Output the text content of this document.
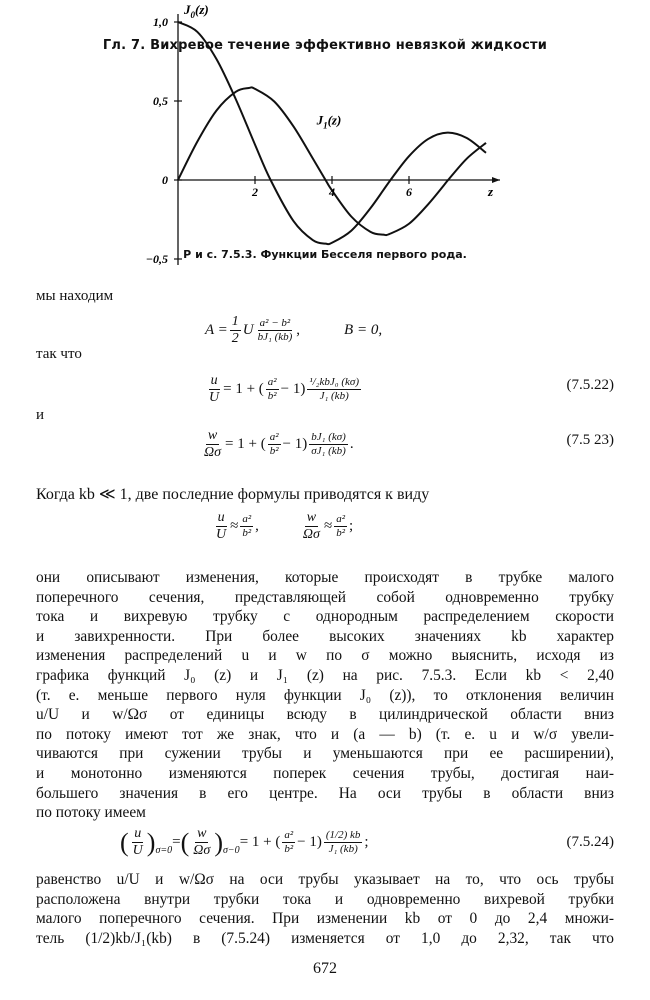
Гл. 7. Вихревое течение эффективно невязкой жидкости
1,0
0,5
0
−0,5
2	4	6
$J_0(z)$
$J_1(z)$
z
Р и с. 7.5.3. Функции Бесселя первого рода.
мы находим
$A = \frac{1}{2}$ U $\frac{\text{a² − b²}}{\text{bJ₁ (kb)}}$ ,	B = 0,
так что
$\frac{u}{U} = 1$ + ( $\frac{\text{a²}}{\text{b²}} - 1) \frac{\text{¹/₂kbJ₀ (kσ)}}{\text{J₁ (kb)}}$	(7.5.22)
и
$\frac{w}{\Omega\sigma} = 1$ + ( $\frac{\text{a²}}{\text{b²}} - 1) \frac{\text{bJ₁ (kσ)}}{\text{σJ₁ (kb)}}$ .	(7.5 23)
Когда kb ≪ 1, две последние формулы приводятся к виду
$\frac{u}{U} \approx \frac{\text{a²}}{\text{b²}}$ ,	$\frac{w}{\Omega\sigma} \approx \frac{\text{a²}}{\text{b²}}$ ;
они описывают изменения, которые происходят в трубке малого
поперечного сечения, представляющей собой одновременно трубку
тока и вихревую трубку с однородным распределением скорости
и завихренности. При более высоких значениях kb характер
изменения распределений u и w по σ можно выяснить, исходя из
графика функций J₀ (z) и J₁ (z) на рис. 7.5.3. Если kb < 2,40
(т. е. меньше первого нуля функции J₀ (z)), то отклонения величин
u/U и w/Ωσ от единицы всюду в цилиндрической области вниз
по потоку имеют тот же знак, что и (a — b) (т. е. u и w/σ увели-
чиваются при сужении трубы и уменьшаются при ее расширении),
и монотонно изменяются поперек сечения трубы, достигая наи-
большего значения в его центре. На оси трубы в области вниз
по потоку имеем
( $\frac{u}{U} )_{\sigma=0}$
= ( $\frac{w}{\Omega\sigma} )_{\sigma-0}$
= 1 + ( $\frac{\text{a²}}{\text{b²}} - 1) \frac{(1/2) kb}{\text{J₁ (kb)}}$ ;	(7.5.24)
равенство u/U и w/Ωσ на оси трубы указывает на то, что ось трубы
расположена внутри трубки тока и одновременно вихревой трубки
малого поперечного сечения. При изменении kb от 0 до 2,4 множи-
тель (1/2)kb/J₁(kb) в (7.5.24) изменяется от 1,0 до 2,32, так что
672
